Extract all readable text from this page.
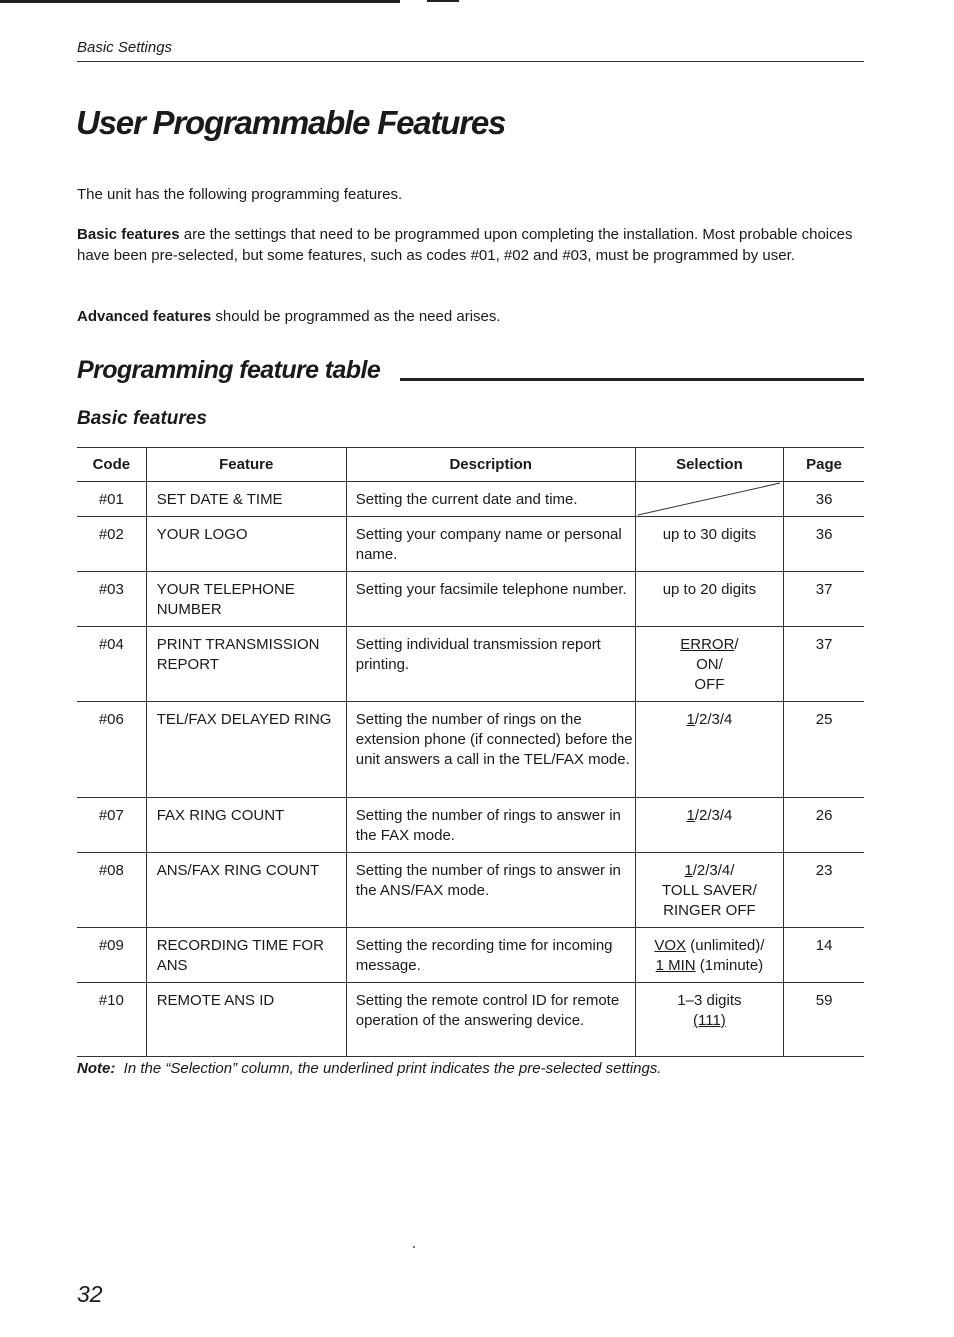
Basic Settings
User Programmable Features
The unit has the following programming features.
Basic features are the settings that need to be programmed upon completing the installation. Most probable choices have been pre-selected, but some features, such as codes #01, #02 and #03, must be programmed by user.
Advanced features should be programmed as the need arises.
Programming feature table
Basic features
Code	Feature	Description	Selection	Page
#01	SET DATE & TIME	Setting the current date and time.		36
#02	YOUR LOGO	Setting your company name or personal name.	up to 30 digits	36
#03	YOUR TELEPHONE NUMBER	Setting your facsimile telephone number.	up to 20 digits	37
#04	PRINT TRANSMISSION REPORT	Setting individual transmission report printing.	ERROR/
ON/
OFF	37
#06	TEL/FAX DELAYED RING	Setting the number of rings on the extension phone (if connected) before the unit answers a call in the TEL/FAX mode.	1/2/3/4	25
#07	FAX RING COUNT	Setting the number of rings to answer in the FAX mode.	1/2/3/4	26
#08	ANS/FAX RING COUNT	Setting the number of rings to answer in the ANS/FAX mode.	1/2/3/4/
TOLL SAVER/
RINGER OFF	23
#09	RECORDING TIME FOR ANS	Setting the recording time for incoming message.	VOX (unlimited)/
1 MIN (1minute)	14
#10	REMOTE ANS ID	Setting the remote control ID for remote operation of the answering device.	1–3 digits
(111)	59
Note: In the “Selection” column, the underlined print indicates the pre-selected settings.
32
